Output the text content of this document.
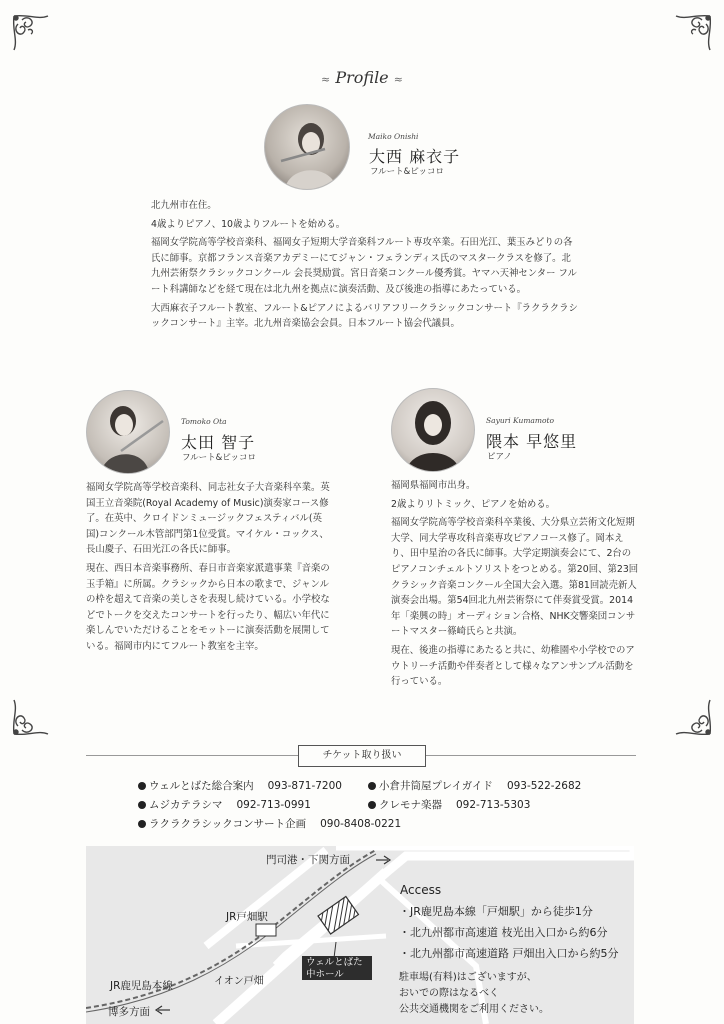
≈ Profile ≈
Maiko Onishi
大西 麻衣子
フルート&ピッコロ

北九州市在住。

4歳よりピアノ、10歳よりフルートを始める。

福岡女学院高等学校音楽科、福岡女子短期大学音楽科フルート専攻卒業。石田光江、葉玉みどりの各氏に師事。京都フランス音楽アカデミーにてジャン・フェランディス氏のマスタークラスを修了。北九州芸術祭クラシックコンクール 会長奨励賞。宮日音楽コンクール優秀賞。ヤマハ天神センター フルート科講師などを経て現在は北九州を拠点に演奏活動、及び後進の指導にあたっている。

大西麻衣子フルート教室、フルート&ピアノによるバリアフリークラシックコンサート『ラクラクラシックコンサート』主宰。北九州音楽協会会員。日本フルート協会代議員。

Tomoko Ota
太田 智子
フルート&ピッコロ

福岡女学院高等学校音楽科、同志社女子大音楽科卒業。英国王立音楽院(Royal Academy of Music)演奏家コース修了。在英中、クロイドンミュージックフェスティバル(英国)コンクール木管部門第1位受賞。マイケル・コックス、長山慶子、石田光江の各氏に師事。

現在、西日本音楽事務所、春日市音楽家派遣事業『音楽の玉手箱』に所属。クラシックから日本の歌まで、ジャンルの枠を超えて音楽の美しさを表現し続けている。小学校などでトークを交えたコンサートを行ったり、幅広い年代に楽しんでいただけることをモットーに演奏活動を展開している。福岡市内にてフルート教室を主宰。

Sayuri Kumamoto
隈本 早悠里
ピアノ

福岡県福岡市出身。

2歳よりリトミック、ピアノを始める。

福岡女学院高等学校音楽科卒業後、大分県立芸術文化短期大学、同大学専攻科音楽専攻ピアノコース修了。岡本えり、田中星治の各氏に師事。大学定期演奏会にて、2台のピアノコンチェルトソリストをつとめる。第20回、第23回クラシック音楽コンクール全国大会入選。第81回読売新人演奏会出場。第54回北九州芸術祭にて伴奏賞受賞。2014年「楽興の時」オーディション合格、NHK交響楽団コンサートマスター篠崎氏らと共演。

現在、後進の指導にあたると共に、幼稚園や小学校でのアウトリーチ活動や伴奏者として様々なアンサンブル活動を行っている。

チケット取り扱い
ウェルとばた総合案内 093-871-7200	小倉井筒屋プレイガイド 093-522-2682
ムジカテラシマ 092-713-0991	クレモナ楽器 092-713-5303
ラクラクラシックコンサート企画 090-8408-0221
門司港・下関方面
JR戸畑駅
JR鹿児島本線	イオン戸畑
博多方面
ウェルとばた
中ホール
Access
・JR鹿児島本線「戸畑駅」から徒歩1分
・北九州都市高速道 枝光出入口から約6分
・北九州都市高速道路 戸畑出入口から約5分
駐車場(有料)はございますが、
おいでの際はなるべく
公共交通機関をご利用ください。
